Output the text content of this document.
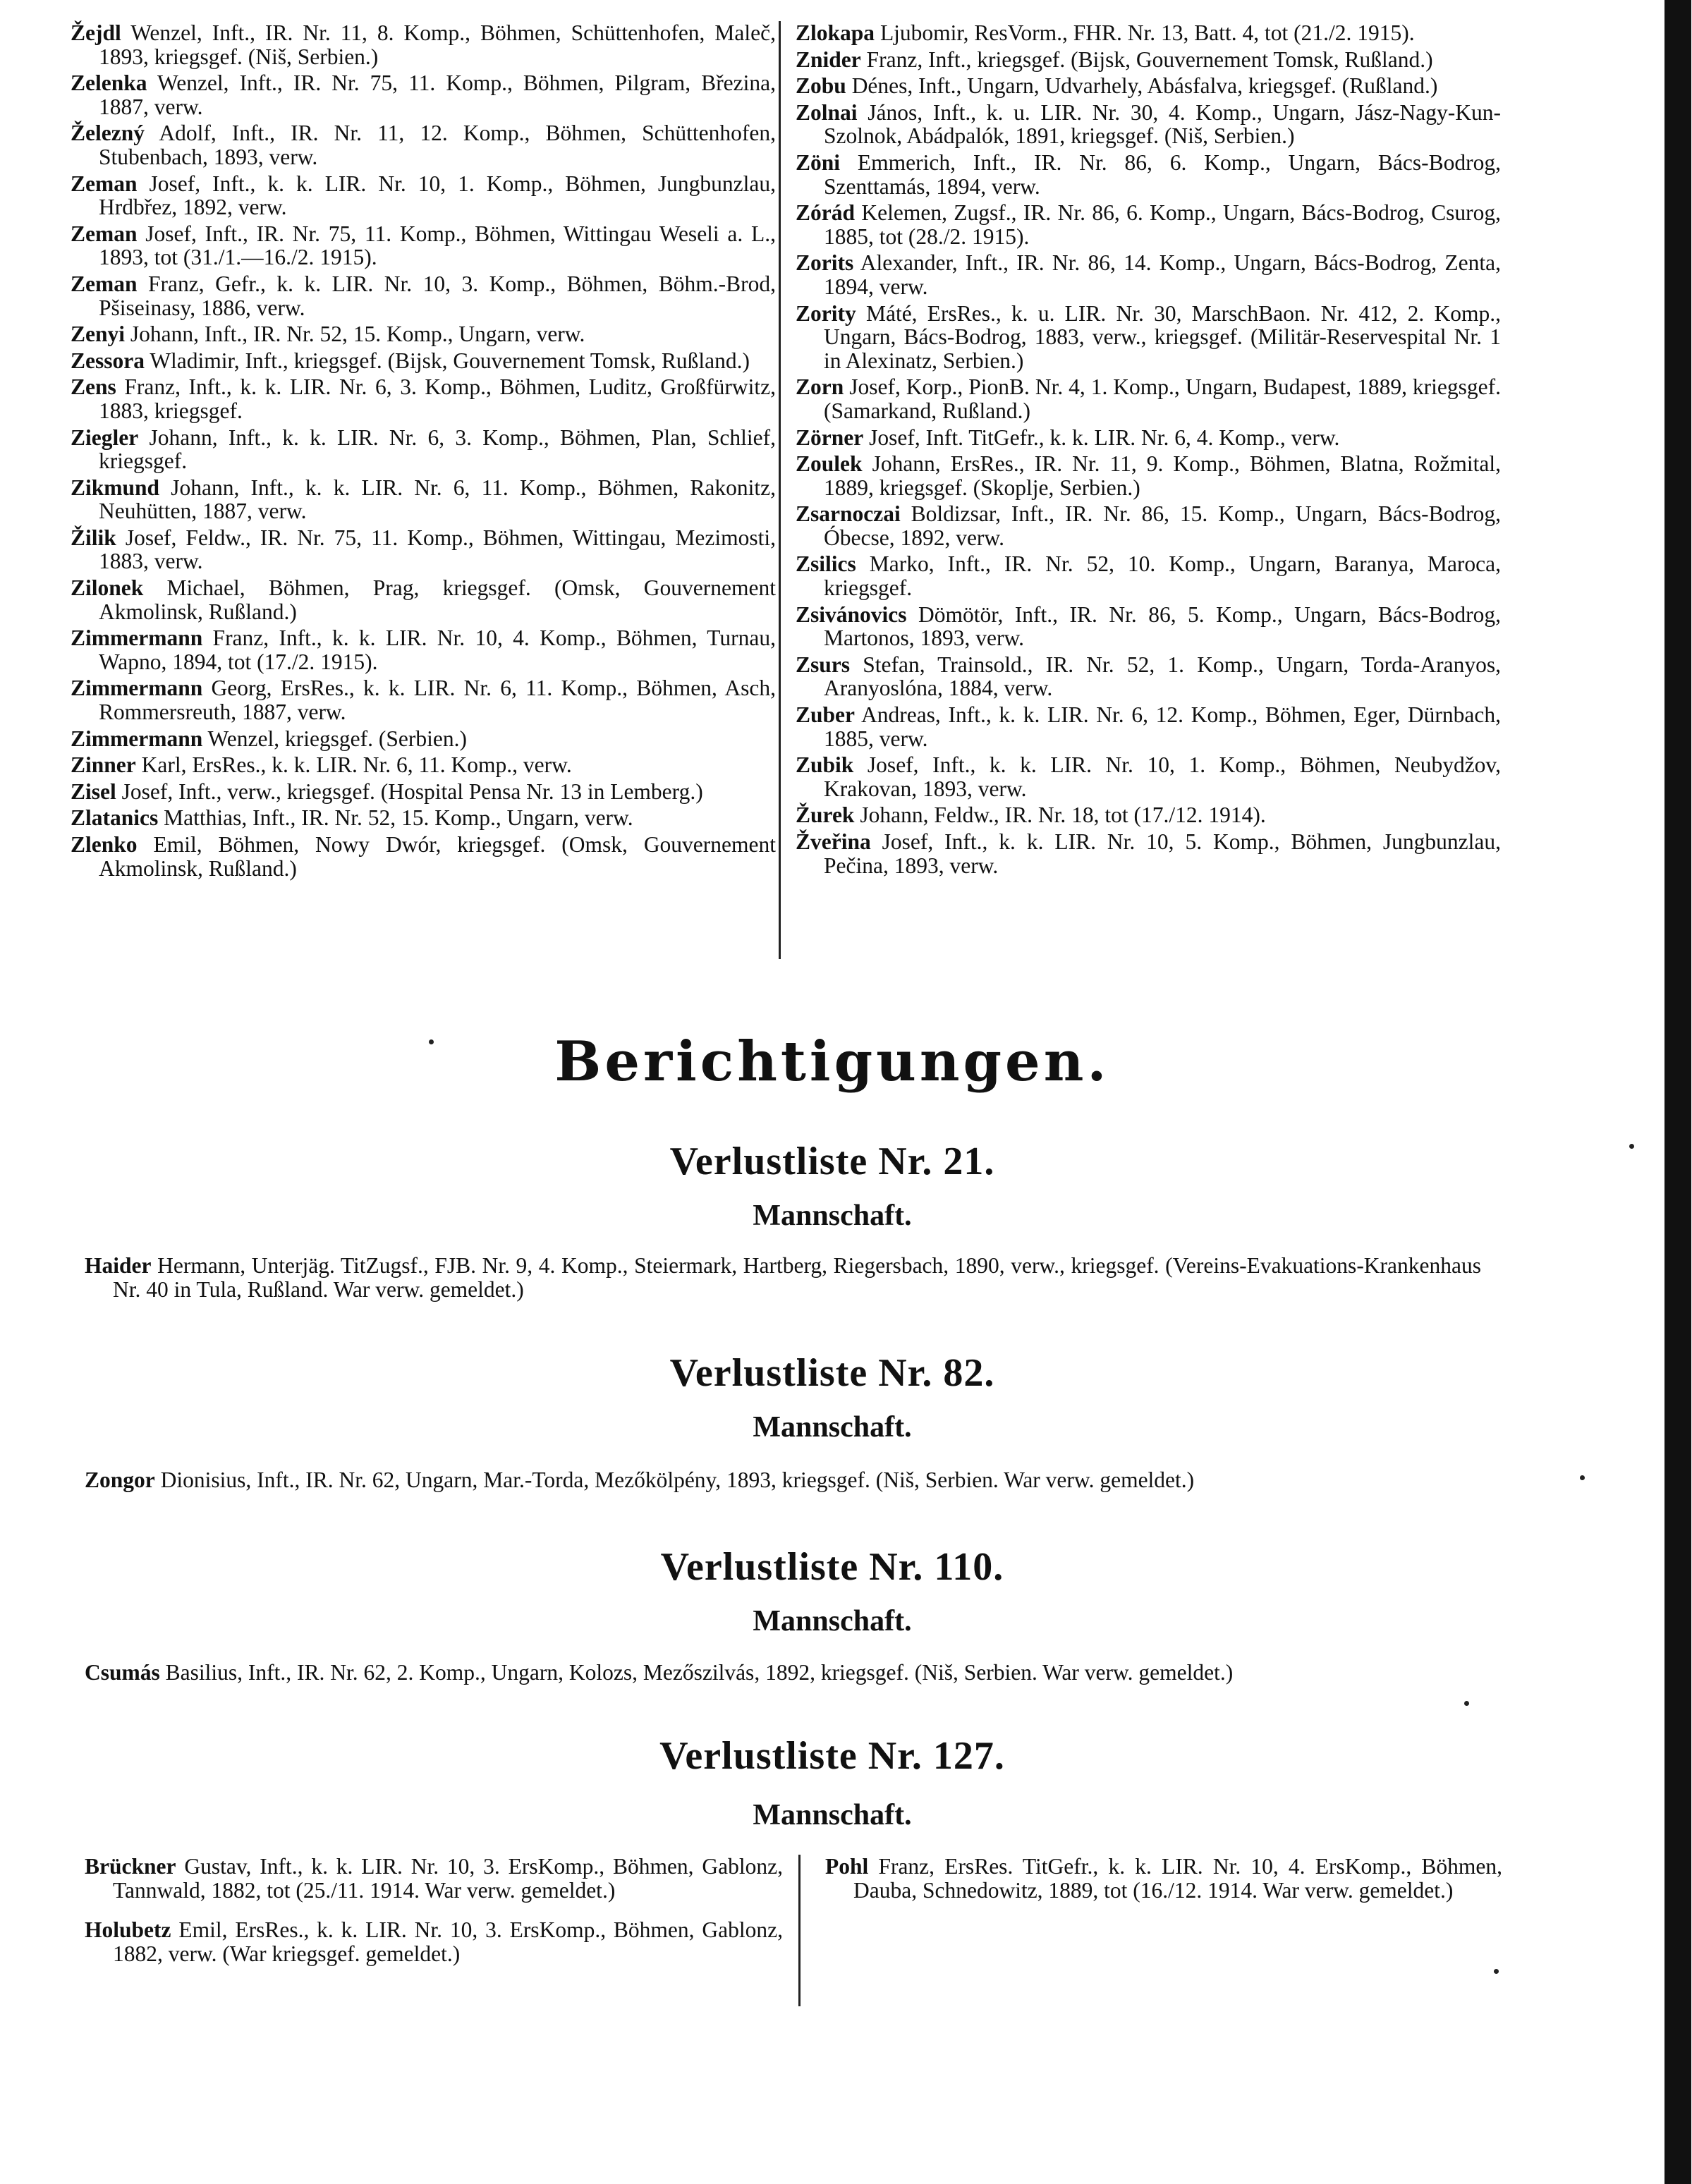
Žejdl Wenzel, Inft., IR. Nr. 11, 8. Komp., Böhmen, Schüttenhofen, Maleč, 1893, kriegsgef. (Niš, Serbien.)
Zelenka Wenzel, Inft., IR. Nr. 75, 11. Komp., Böhmen, Pilgram, Březina, 1887, verw.
Železný Adolf, Inft., IR. Nr. 11, 12. Komp., Böhmen, Schüttenhofen, Stubenbach, 1893, verw.
Zeman Josef, Inft., k. k. LIR. Nr. 10, 1. Komp., Böhmen, Jungbunzlau, Hrdbřez, 1892, verw.
Zeman Josef, Inft., IR. Nr. 75, 11. Komp., Böhmen, Wittingau Weseli a. L., 1893, tot (31./1.—16./2. 1915).
Zeman Franz, Gefr., k. k. LIR. Nr. 10, 3. Komp., Böhmen, Böhm.-Brod, Pšiseinasy, 1886, verw.
Zenyi Johann, Inft., IR. Nr. 52, 15. Komp., Ungarn, verw.
Zessora Wladimir, Inft., kriegsgef. (Bijsk, Gouvernement Tomsk, Rußland.)
Zens Franz, Inft., k. k. LIR. Nr. 6, 3. Komp., Böhmen, Luditz, Großfürwitz, 1883, kriegsgef.
Ziegler Johann, Inft., k. k. LIR. Nr. 6, 3. Komp., Böhmen, Plan, Schlief, kriegsgef.
Zikmund Johann, Inft., k. k. LIR. Nr. 6, 11. Komp., Böhmen, Rakonitz, Neuhütten, 1887, verw.
Žilik Josef, Feldw., IR. Nr. 75, 11. Komp., Böhmen, Wittingau, Mezimosti, 1883, verw.
Zilonek Michael, Böhmen, Prag, kriegsgef. (Omsk, Gouvernement Akmolinsk, Rußland.)
Zimmermann Franz, Inft., k. k. LIR. Nr. 10, 4. Komp., Böhmen, Turnau, Wapno, 1894, tot (17./2. 1915).
Zimmermann Georg, ErsRes., k. k. LIR. Nr. 6, 11. Komp., Böhmen, Asch, Rommersreuth, 1887, verw.
Zimmermann Wenzel, kriegsgef. (Serbien.)
Zinner Karl, ErsRes., k. k. LIR. Nr. 6, 11. Komp., verw.
Zisel Josef, Inft., verw., kriegsgef. (Hospital Pensa Nr. 13 in Lemberg.)
Zlatanics Matthias, Inft., IR. Nr. 52, 15. Komp., Ungarn, verw.
Zlenko Emil, Böhmen, Nowy Dwór, kriegsgef. (Omsk, Gouvernement Akmolinsk, Rußland.)
Zlokapa Ljubomir, ResVorm., FHR. Nr. 13, Batt. 4, tot (21./2. 1915).
Znider Franz, Inft., kriegsgef. (Bijsk, Gouvernement Tomsk, Rußland.)
Zobu Dénes, Inft., Ungarn, Udvarhely, Abásfalva, kriegsgef. (Rußland.)
Zolnai János, Inft., k. u. LIR. Nr. 30, 4. Komp., Ungarn, Jász-Nagy-Kun-Szolnok, Abádpalók, 1891, kriegsgef. (Niš, Serbien.)
Zöni Emmerich, Inft., IR. Nr. 86, 6. Komp., Ungarn, Bács-Bodrog, Szenttamás, 1894, verw.
Zórád Kelemen, Zugsf., IR. Nr. 86, 6. Komp., Ungarn, Bács-Bodrog, Csurog, 1885, tot (28./2. 1915).
Zorits Alexander, Inft., IR. Nr. 86, 14. Komp., Ungarn, Bács-Bodrog, Zenta, 1894, verw.
Zority Máté, ErsRes., k. u. LIR. Nr. 30, MarschBaon. Nr. 412, 2. Komp., Ungarn, Bács-Bodrog, 1883, verw., kriegsgef. (Militär-Reservespital Nr. 1 in Alexinatz, Serbien.)
Zorn Josef, Korp., PionB. Nr. 4, 1. Komp., Ungarn, Budapest, 1889, kriegsgef. (Samarkand, Rußland.)
Zörner Josef, Inft. TitGefr., k. k. LIR. Nr. 6, 4. Komp., verw.
Zoulek Johann, ErsRes., IR. Nr. 11, 9. Komp., Böhmen, Blatna, Rožmital, 1889, kriegsgef. (Skoplje, Serbien.)
Zsarnoczai Boldizsar, Inft., IR. Nr. 86, 15. Komp., Ungarn, Bács-Bodrog, Óbecse, 1892, verw.
Zsilics Marko, Inft., IR. Nr. 52, 10. Komp., Ungarn, Baranya, Maroca, kriegsgef.
Zsivánovics Dömötör, Inft., IR. Nr. 86, 5. Komp., Ungarn, Bács-Bodrog, Martonos, 1893, verw.
Zsurs Stefan, Trainsold., IR. Nr. 52, 1. Komp., Ungarn, Torda-Aranyos, Aranyoslóna, 1884, verw.
Zuber Andreas, Inft., k. k. LIR. Nr. 6, 12. Komp., Böhmen, Eger, Dürnbach, 1885, verw.
Zubik Josef, Inft., k. k. LIR. Nr. 10, 1. Komp., Böhmen, Neubydžov, Krakovan, 1893, verw.
Žurek Johann, Feldw., IR. Nr. 18, tot (17./12. 1914).
Žveřina Josef, Inft., k. k. LIR. Nr. 10, 5. Komp., Böhmen, Jungbunzlau, Pečina, 1893, verw.
Berichtigungen.
Verlustliste Nr. 21.
Mannschaft.
Haider Hermann, Unterjäg. TitZugsf., FJB. Nr. 9, 4. Komp., Steiermark, Hartberg, Riegersbach, 1890, verw., kriegsgef. (Vereins-Evakuations-Krankenhaus Nr. 40 in Tula, Rußland. War verw. gemeldet.)
Verlustliste Nr. 82.
Mannschaft.
Zongor Dionisius, Inft., IR. Nr. 62, Ungarn, Mar.-Torda, Mezőkölpény, 1893, kriegsgef. (Niš, Serbien. War verw. gemeldet.)
Verlustliste Nr. 110.
Mannschaft.
Csumás Basilius, Inft., IR. Nr. 62, 2. Komp., Ungarn, Kolozs, Mezőszilvás, 1892, kriegsgef. (Niš, Serbien. War verw. gemeldet.)
Verlustliste Nr. 127.
Mannschaft.
Brückner Gustav, Inft., k. k. LIR. Nr. 10, 3. ErsKomp., Böhmen, Gablonz, Tannwald, 1882, tot (25./11. 1914. War verw. gemeldet.)
Holubetz Emil, ErsRes., k. k. LIR. Nr. 10, 3. ErsKomp., Böhmen, Gablonz, 1882, verw. (War kriegsgef. gemeldet.)
Pohl Franz, ErsRes. TitGefr., k. k. LIR. Nr. 10, 4. ErsKomp., Böhmen, Dauba, Schnedowitz, 1889, tot (16./12. 1914. War verw. gemeldet.)
